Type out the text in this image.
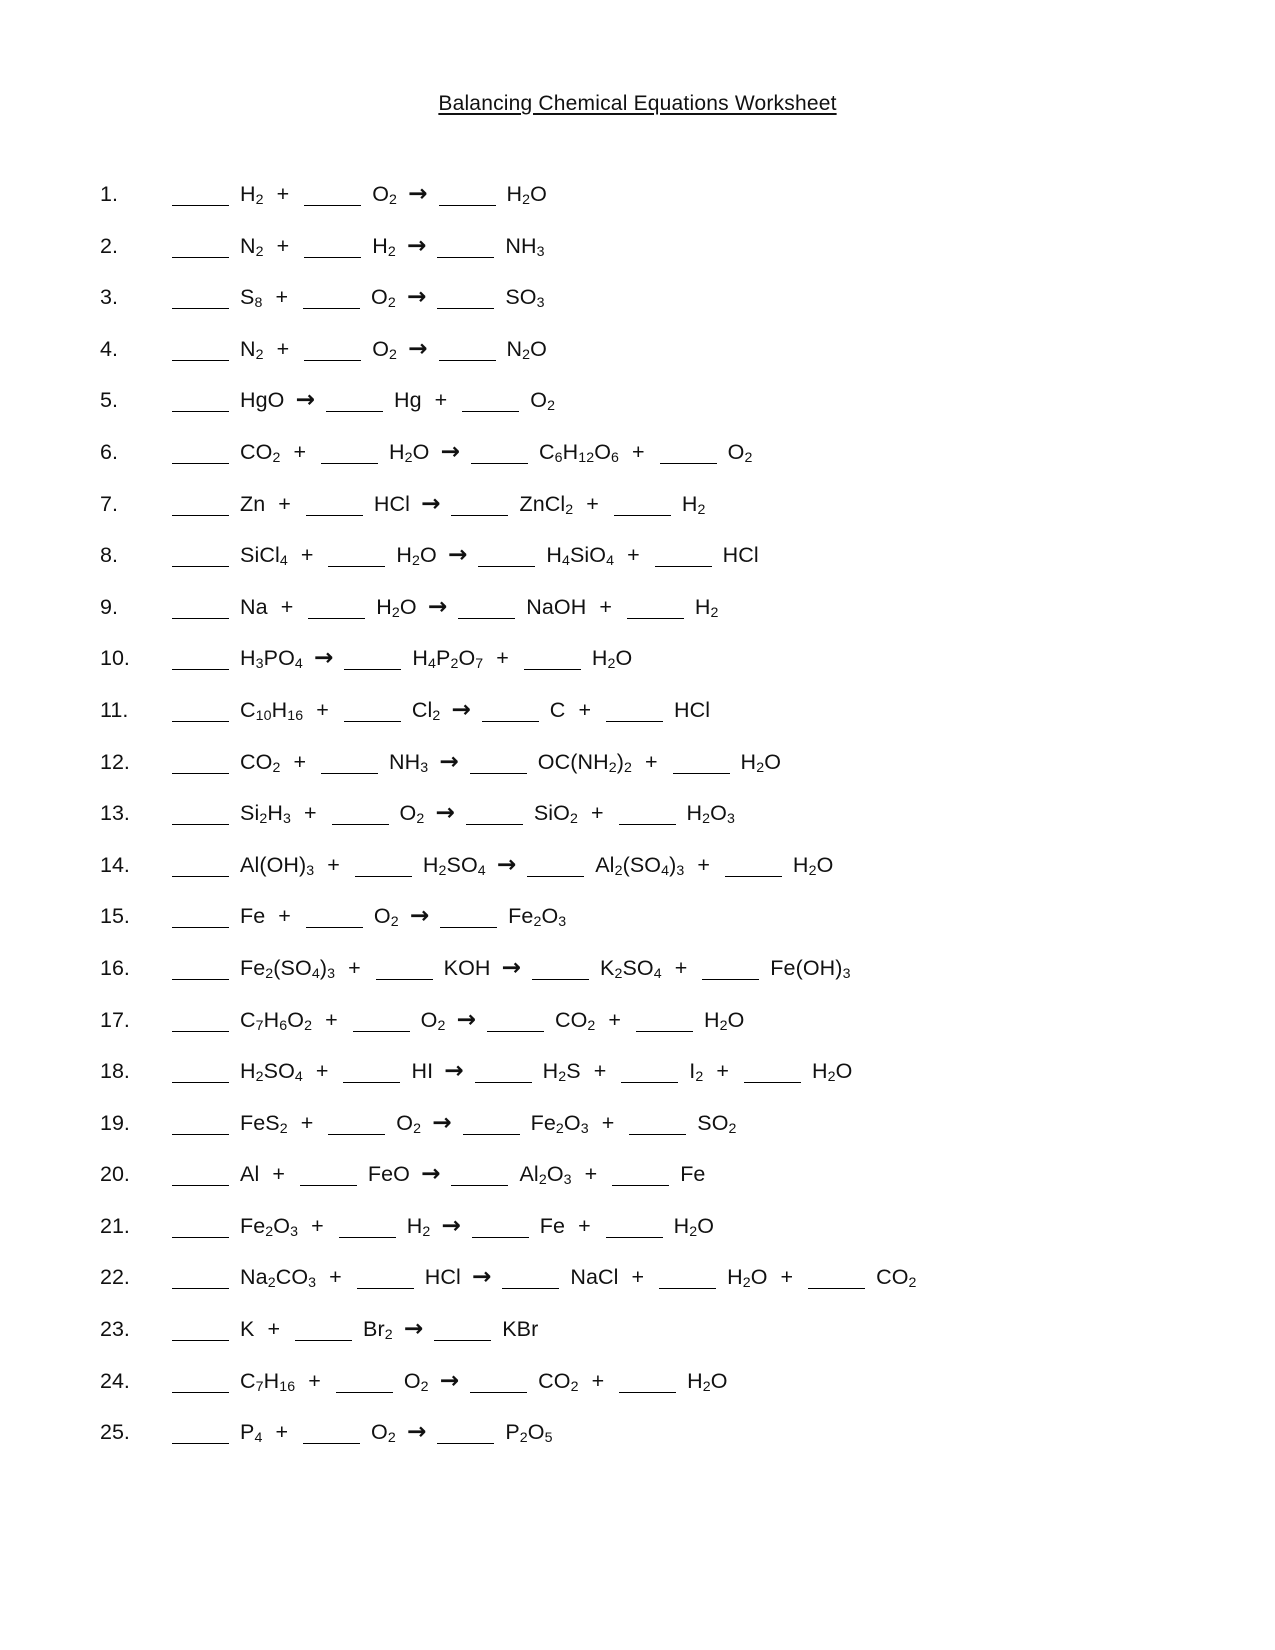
Balancing Chemical Equations Worksheet
1.	$H_2$ +	$O_2$ →	$H_2O$
2.	$N_2$ +	$H_2$ →	$NH_3$
3.	$S_8$ +	$O_2$ →	$SO_3$
4.	$N_2$ +	$O_2$ →	$N_2O$
5.	HgO →	Hg +	$O_2$
6.	$CO_2$ +	$H_2O$ →	$C_6H_{12}O_6$ +	$O_2$
7.	Zn +	HCl →	ZnCl$_2$ +	$H_2$
8.	SiCl$_4$ +	$H_2O$ →	$H_4SiO_4$ +	HCl
9.	Na +	$H_2O$ →	NaOH +	$H_2$
10.	$H_3PO_4$ →	$H_4P_2O_7$ +	$H_2O$
11.	$C_{10}H_{16}$ +	$Cl_2$ →	C +	HCl
12.	$CO_2$ +	$NH_3$ →	$OC(NH_2)_2$ +	$H_2O$
13.	$Si_2H_3$ +	$O_2$ →	SiO$_2$ +	$H_2O_3$
14.	$Al(OH)_3$ +	$H_2SO_4$ →	$Al_2(SO_4)_3$ +	$H_2O$
15.	Fe +	$O_2$ →	$Fe_2O_3$
16.	$Fe_2(SO_4)_3$ +	KOH →	$K_2SO_4$ +	$Fe(OH)_3$
17.	$C_7H_6O_2$ +	$O_2$ →	$CO_2$ +	$H_2O$
18.	$H_2SO_4$ +	HI →	$H_2S$ +	$I_2$ +	$H_2O$
19.	FeS$_2$ +	$O_2$ →	$Fe_2O_3$ +	$SO_2$
20.	Al +	FeO →	$Al_2O_3$ +	Fe
21.	$Fe_2O_3$ +	$H_2$ →	Fe +	$H_2O$
22.	$Na_2CO_3$ +	HCl →	NaCl +	$H_2O$ +	$CO_2$
23.	K +	$Br_2$ →	KBr
24.	$C_7H_{16}$ +	$O_2$ →	$CO_2$ +	$H_2O$
25.	$P_4$ +	$O_2$ →	$P_2O_5$
